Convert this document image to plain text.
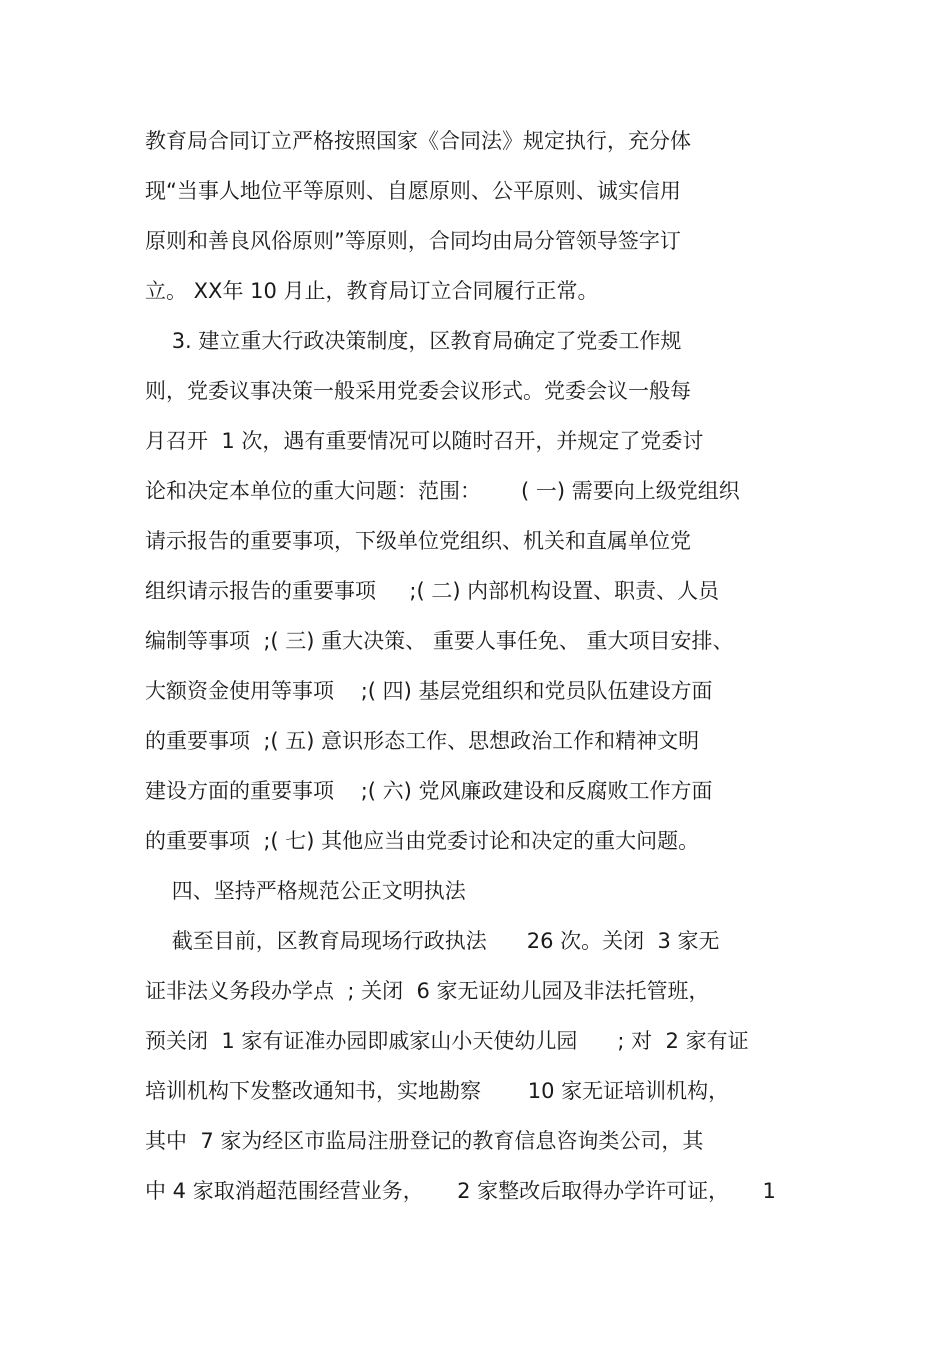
教育局合同订立严格按照国家《合同法》规定执行，充分体
现“当事人地位平等原则、自愿原则、公平原则、诚实信用
原则和善良风俗原则”等原则，合同均由局分管领导签字订
立。 XX年 10 月止，教育局订立合同履行正常。
3. 建立重大行政决策制度，区教育局确定了党委工作规
则，党委议事决策一般采用党委会议形式。党委会议一般每
月召开  1 次，遇有重要情况可以随时召开，并规定了党委讨
论和决定本单位的重大问题：范围：      ( 一) 需要向上级党组织
请示报告的重要事项，下级单位党组织、机关和直属单位党
组织请示报告的重要事项     ;( 二) 内部机构设置、职责、人员
编制等事项  ;( 三) 重大决策、 重要人事任免、 重大项目安排、
大额资金使用等事项    ;( 四) 基层党组织和党员队伍建设方面
的重要事项  ;( 五) 意识形态工作、思想政治工作和精神文明
建设方面的重要事项    ;( 六) 党风廉政建设和反腐败工作方面
的重要事项  ;( 七) 其他应当由党委讨论和决定的重大问题。
四、坚持严格规范公正文明执法
截至目前，区教育局现场行政执法      26 次。关闭  3 家无
证非法义务段办学点  ; 关闭  6 家无证幼儿园及非法托管班，
预关闭  1 家有证准办园即戚家山小天使幼儿园      ; 对  2 家有证
培训机构下发整改通知书，实地勘察       10 家无证培训机构，
其中  7 家为经区市监局注册登记的教育信息咨询类公司，其
中 4 家取消超范围经营业务，     2 家整改后取得办学许可证，     1
